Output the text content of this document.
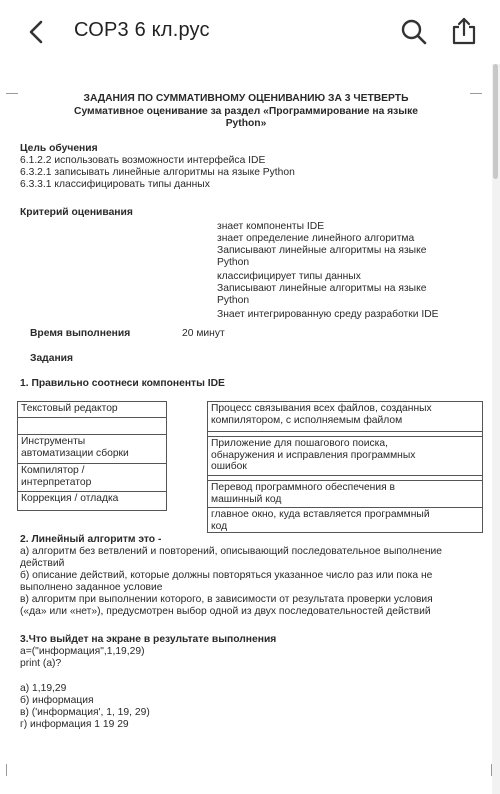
СОР3 6 кл.рус
ЗАДАНИЯ ПО СУММАТИВНОМУ ОЦЕНИВАНИЮ ЗА 3 ЧЕТВЕРТЬ
Суммативное оценивание за раздел «Программирование на языке
Python»
Цель обучения
6.1.2.2 использовать возможности интерфейса IDE
6.3.2.1 записывать линейные алгоритмы на языке Python
6.3.3.1 классифицировать типы данных
Критерий оценивания
знает компоненты IDE
знает определение линейного алгоритма
Записывают линейные алгоритмы на языке
Python
классифицирует типы данных
Записывают линейные алгоритмы на языке
Python
Знает интегрированную среду разработки IDE
Время выполнения	20 минут
Задания
1. Правильно соотнеси компоненты IDE
Текстовый редактор
Инструменты
автоматизации сборки
Компилятор /
интерпретатор
Коррекция / отладка
Процесс связывания всех файлов, созданных
компилятором, с исполняемым файлом
Приложение для пошагового поиска,
обнаружения и исправления программных
ошибок
Перевод программного обеспечения в
машинный код
главное окно, куда вставляется программный
код
2. Линейный алгоритм это -
а) алгоритм без ветвлений и повторений, описывающий последовательное выполнение
действий
б) описание действий, которые должны повторяться указанное число раз или пока не
выполнено заданное условие
в) алгоритм при выполнении которого, в зависимости от результата проверки условия
(«да» или «нет»), предусмотрен выбор одной из двух последовательностей действий
3.Что выйдет на экране в результате выполнения
a=("информация",1,19,29)
print (a)?
а) 1,19,29
б) информация
в) ('информация', 1, 19, 29)
г) информация 1 19 29
